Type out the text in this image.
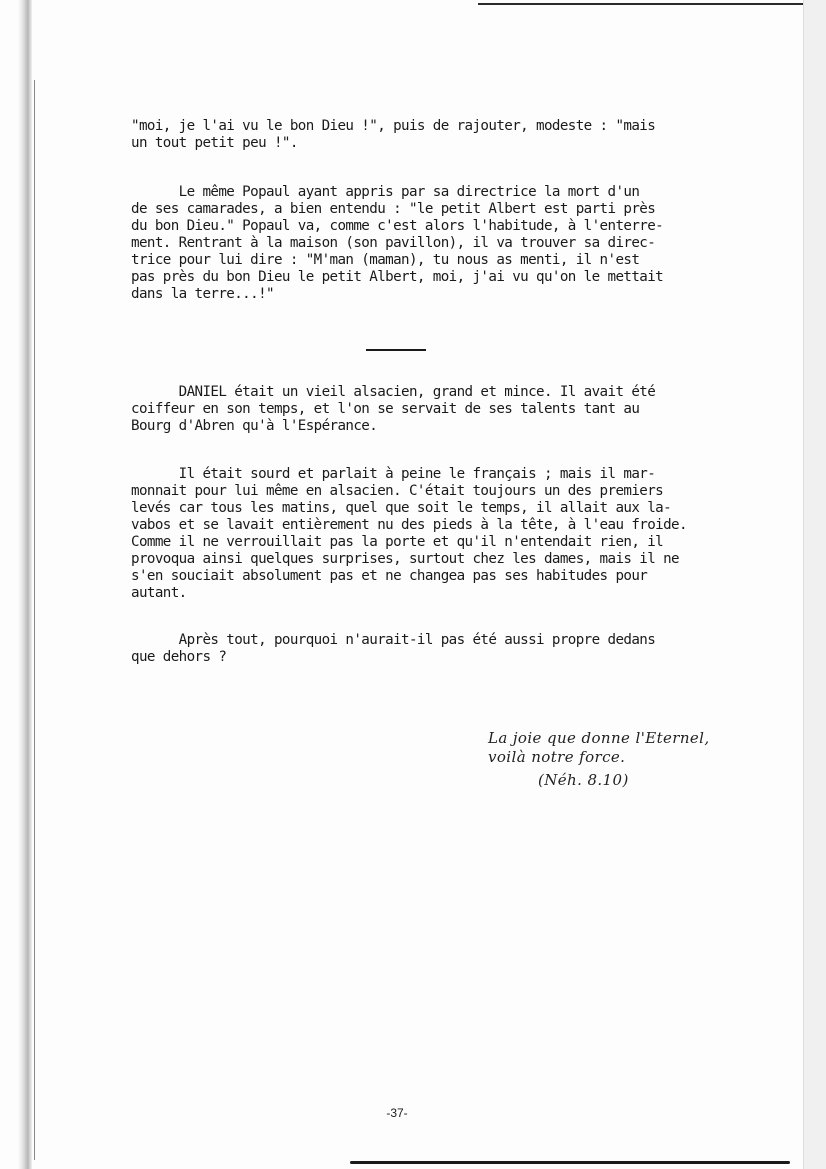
"moi, je l'ai vu le bon Dieu !", puis de rajouter, modeste : "mais
un tout petit peu !".

Le même Popaul ayant appris par sa directrice la mort d'un
de ses camarades, a bien entendu : "le petit Albert est parti près
du bon Dieu." Popaul va, comme c'est alors l'habitude, à l'enterre-
ment. Rentrant à la maison (son pavillon), il va trouver sa direc-
trice pour lui dire : "M'man (maman), tu nous as menti, il n'est
pas près du bon Dieu le petit Albert, moi, j'ai vu qu'on le mettait
dans la terre...!"

DANIEL était un vieil alsacien, grand et mince. Il avait été
coiffeur en son temps, et l'on se servait de ses talents tant au
Bourg d'Abren qu'à l'Espérance.

Il était sourd et parlait à peine le français ; mais il mar-
monnait pour lui même en alsacien. C'était toujours un des premiers
levés car tous les matins, quel que soit le temps, il allait aux la-
vabos et se lavait entièrement nu des pieds à la tête, à l'eau froide.
Comme il ne verrouillait pas la porte et qu'il n'entendait rien, il
provoqua ainsi quelques surprises, surtout chez les dames, mais il ne
s'en souciait absolument pas et ne changea pas ses habitudes pour
autant.

Après tout, pourquoi n'aurait-il pas été aussi propre dedans
que dehors ?

La joie que donne l'Eternel,
voilà notre force.
(Néh. 8.10)
-37-
